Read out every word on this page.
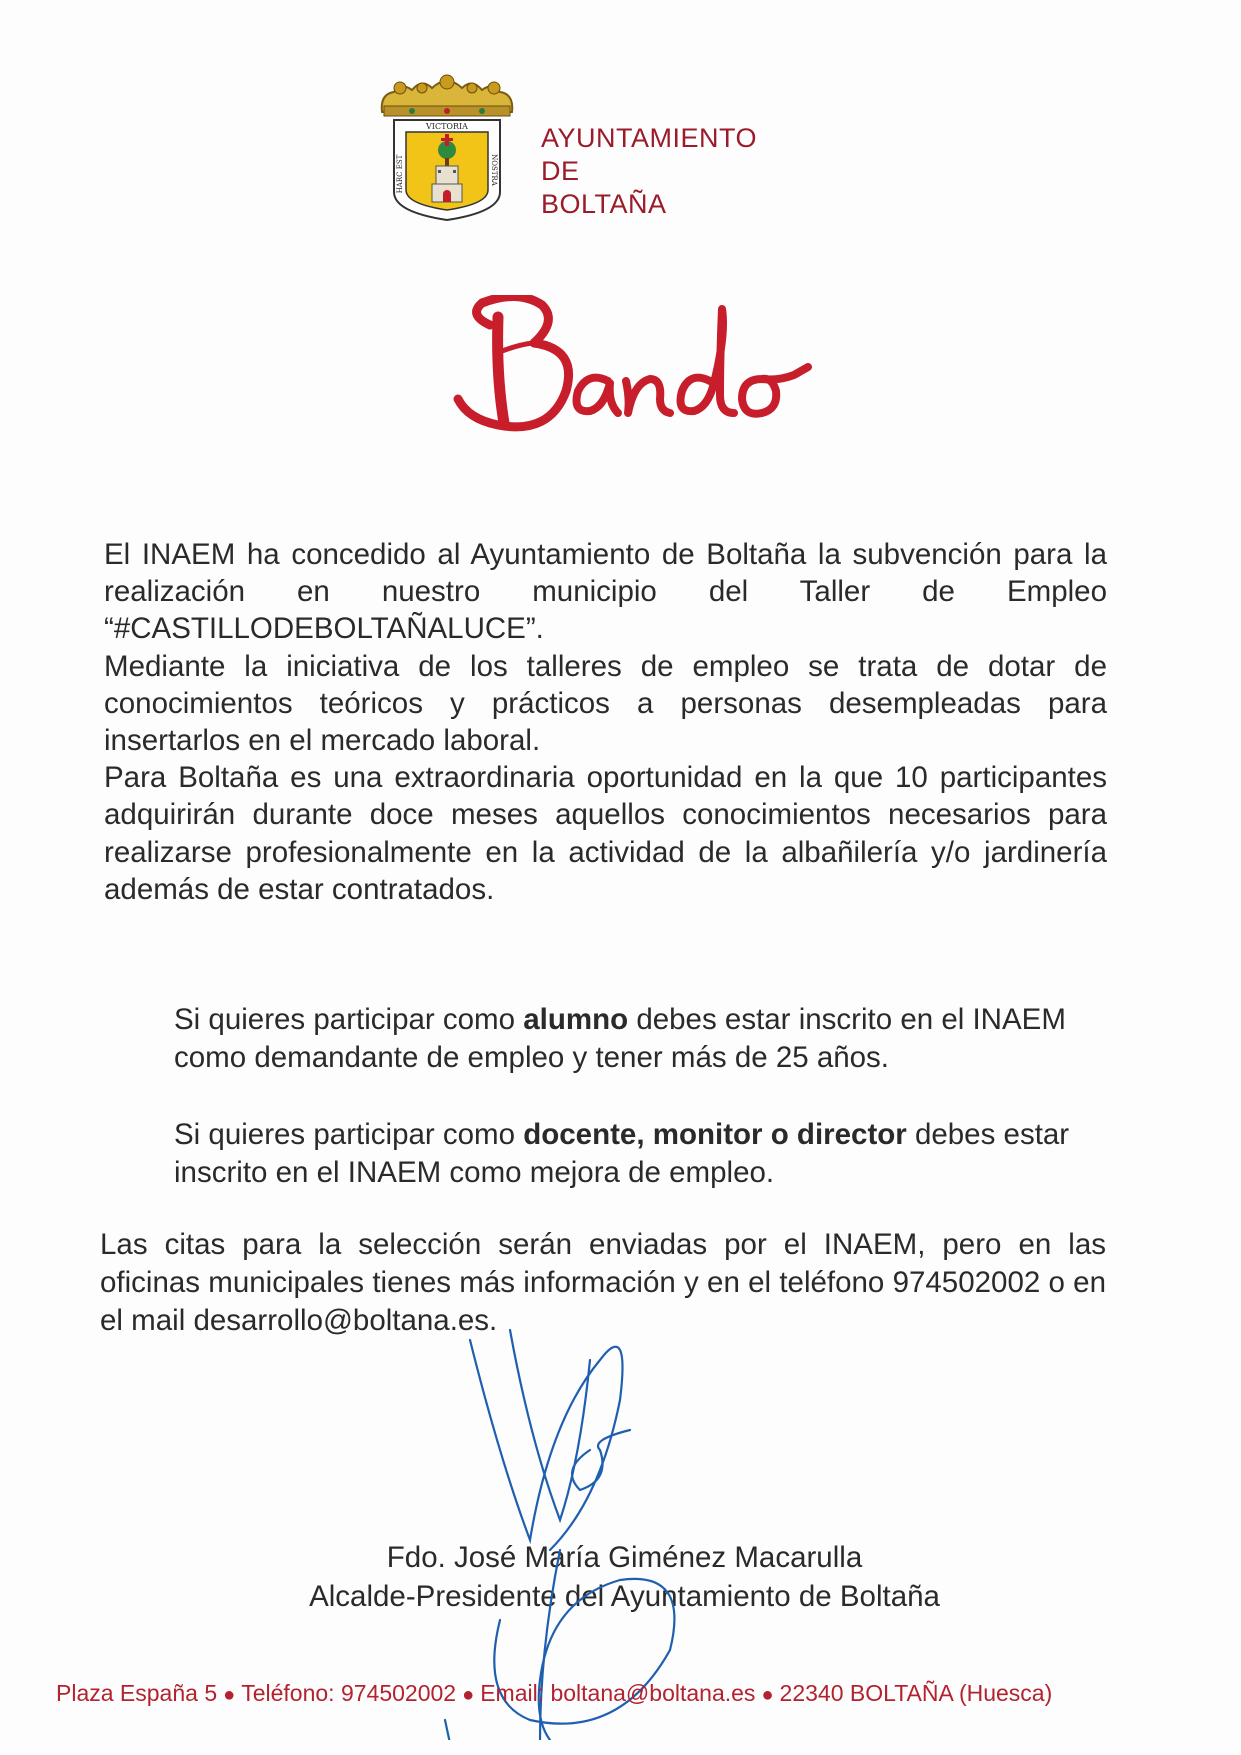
VICTORIA
HARC EST	NOSTRA
AYUNTAMIENTO
DE
BOLTAÑA

El INAEM ha concedido al Ayuntamiento de Boltaña la subvención para la realización en nuestro municipio del Taller de Empleo “#CASTILLODEBOLTAÑALUCE”.

Mediante la iniciativa de los talleres de empleo se trata de dotar de conocimientos teóricos y prácticos a personas desempleadas para insertarlos en el mercado laboral.

Para Boltaña es una extraordinaria oportunidad en la que 10 participantes adquirirán durante doce meses aquellos conocimientos necesarios para realizarse profesionalmente en la actividad de la albañilería y/o jardinería además de estar contratados.

Si quieres participar como alumno debes estar inscrito en el INAEM como demandante de empleo y tener más de 25 años.

Si quieres participar como docente, monitor o director debes estar inscrito en el INAEM como mejora de empleo.

Las citas para la selección serán enviadas por el INAEM, pero en las oficinas municipales tienes más información y en el teléfono 974502002 o en el mail desarrollo@boltana.es.
Fdo. José María Giménez Macarulla
Alcalde-Presidente del Ayuntamiento de Boltaña
Plaza España 5 ● Teléfono: 974502002 ● Email: boltana@boltana.es ● 22340 BOLTAÑA (Huesca)
